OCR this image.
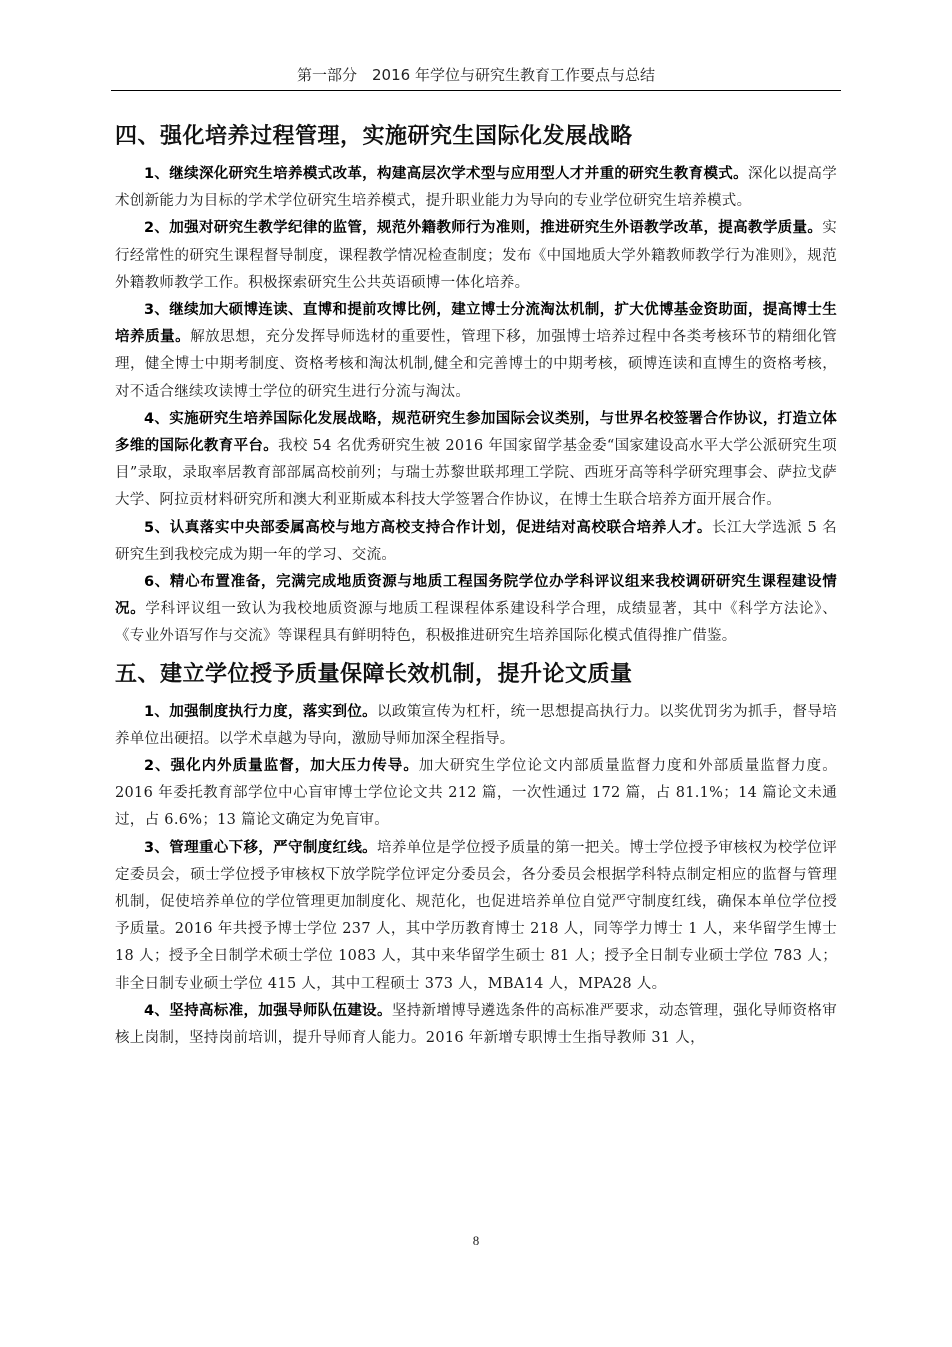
第一部分　2016 年学位与研究生教育工作要点与总结
四、强化培养过程管理，实施研究生国际化发展战略

1、继续深化研究生培养模式改革，构建高层次学术型与应用型人才并重的研究生教育模式。深化以提高学术创新能力为目标的学术学位研究生培养模式，提升职业能力为导向的专业学位研究生培养模式。

2、加强对研究生教学纪律的监管，规范外籍教师行为准则，推进研究生外语教学改革，提高教学质量。实行经常性的研究生课程督导制度，课程教学情况检查制度；发布《中国地质大学外籍教师教学行为准则》，规范外籍教师教学工作。积极探索研究生公共英语硕博一体化培养。

3、继续加大硕博连读、直博和提前攻博比例，建立博士分流淘汰机制，扩大优博基金资助面，提高博士生培养质量。解放思想，充分发挥导师选材的重要性，管理下移，加强博士培养过程中各类考核环节的精细化管理，健全博士中期考制度、资格考核和淘汰机制,健全和完善博士的中期考核，硕博连读和直博生的资格考核，对不适合继续攻读博士学位的研究生进行分流与淘汰。

4、实施研究生培养国际化发展战略，规范研究生参加国际会议类别，与世界名校签署合作协议，打造立体多维的国际化教育平台。我校 54 名优秀研究生被 2016 年国家留学基金委“国家建设高水平大学公派研究生项目”录取，录取率居教育部部属高校前列；与瑞士苏黎世联邦理工学院、西班牙高等科学研究理事会、萨拉戈萨大学、阿拉贡材料研究所和澳大利亚斯威本科技大学签署合作协议，在博士生联合培养方面开展合作。

5、认真落实中央部委属高校与地方高校支持合作计划，促进结对高校联合培养人才。长江大学选派 5 名研究生到我校完成为期一年的学习、交流。

6、精心布置准备，完满完成地质资源与地质工程国务院学位办学科评议组来我校调研研究生课程建设情况。学科评议组一致认为我校地质资源与地质工程课程体系建设科学合理，成绩显著，其中《科学方法论》、《专业外语写作与交流》等课程具有鲜明特色，积极推进研究生培养国际化模式值得推广借鉴。

五、建立学位授予质量保障长效机制，提升论文质量

1、加强制度执行力度，落实到位。以政策宣传为杠杆，统一思想提高执行力。以奖优罚劣为抓手，督导培养单位出硬招。以学术卓越为导向，激励导师加深全程指导。

2、强化内外质量监督，加大压力传导。加大研究生学位论文内部质量监督力度和外部质量监督力度。2016 年委托教育部学位中心盲审博士学位论文共 212 篇，一次性通过 172 篇，占 81.1%；14 篇论文未通过，占 6.6%；13 篇论文确定为免盲审。

3、管理重心下移，严守制度红线。培养单位是学位授予质量的第一把关。博士学位授予审核权为校学位评定委员会，硕士学位授予审核权下放学院学位评定分委员会，各分委员会根据学科特点制定相应的监督与管理机制，促使培养单位的学位管理更加制度化、规范化，也促进培养单位自觉严守制度红线，确保本单位学位授予质量。2016 年共授予博士学位 237 人，其中学历教育博士 218 人，同等学力博士 1 人，来华留学生博士 18 人；授予全日制学术硕士学位 1083 人，其中来华留学生硕士 81 人；授予全日制专业硕士学位 783 人；非全日制专业硕士学位 415 人，其中工程硕士 373 人，MBA14 人，MPA28 人。

4、坚持高标准，加强导师队伍建设。坚持新增博导遴选条件的高标准严要求，动态管理，强化导师资格审核上岗制，坚持岗前培训，提升导师育人能力。2016 年新增专职博士生指导教师 31 人，

8
